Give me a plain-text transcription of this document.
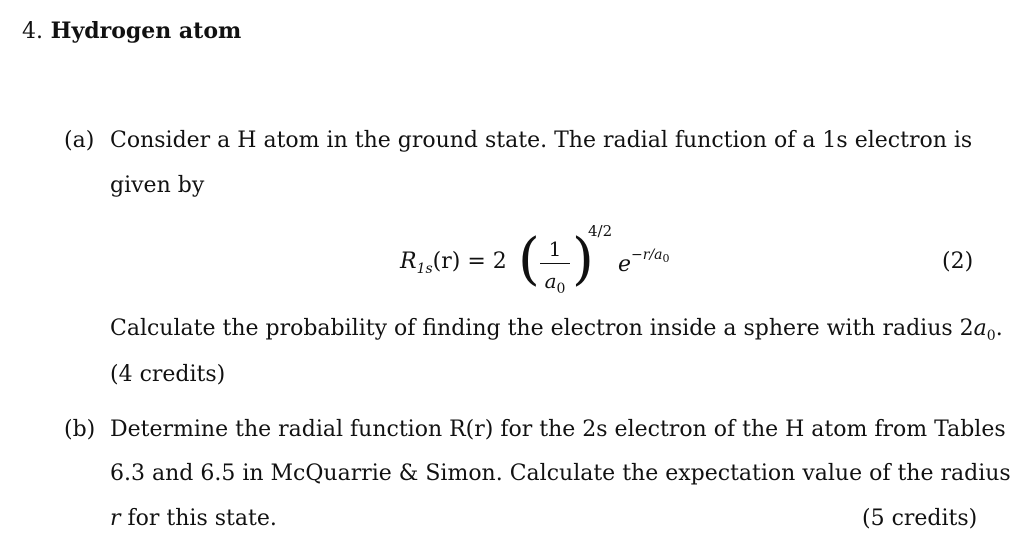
4. Hydrogen atom
(a) Consider a H atom in the ground state. The radial function of a 1s electron is
given by
$R_{1s}(r) = 2$ ( 1
$a_0$ )
4/2
$e^{-r/a0}$	(2)
Calculate the probability of finding the electron inside a sphere with radius $2a_0$.
(4 credits)
(b) Determine the radial function R(r) for the 2s electron of the H atom from Tables
6.3 and 6.5 in McQuarrie & Simon. Calculate the expectation value of the radius
r for this state.	(5 credits)
